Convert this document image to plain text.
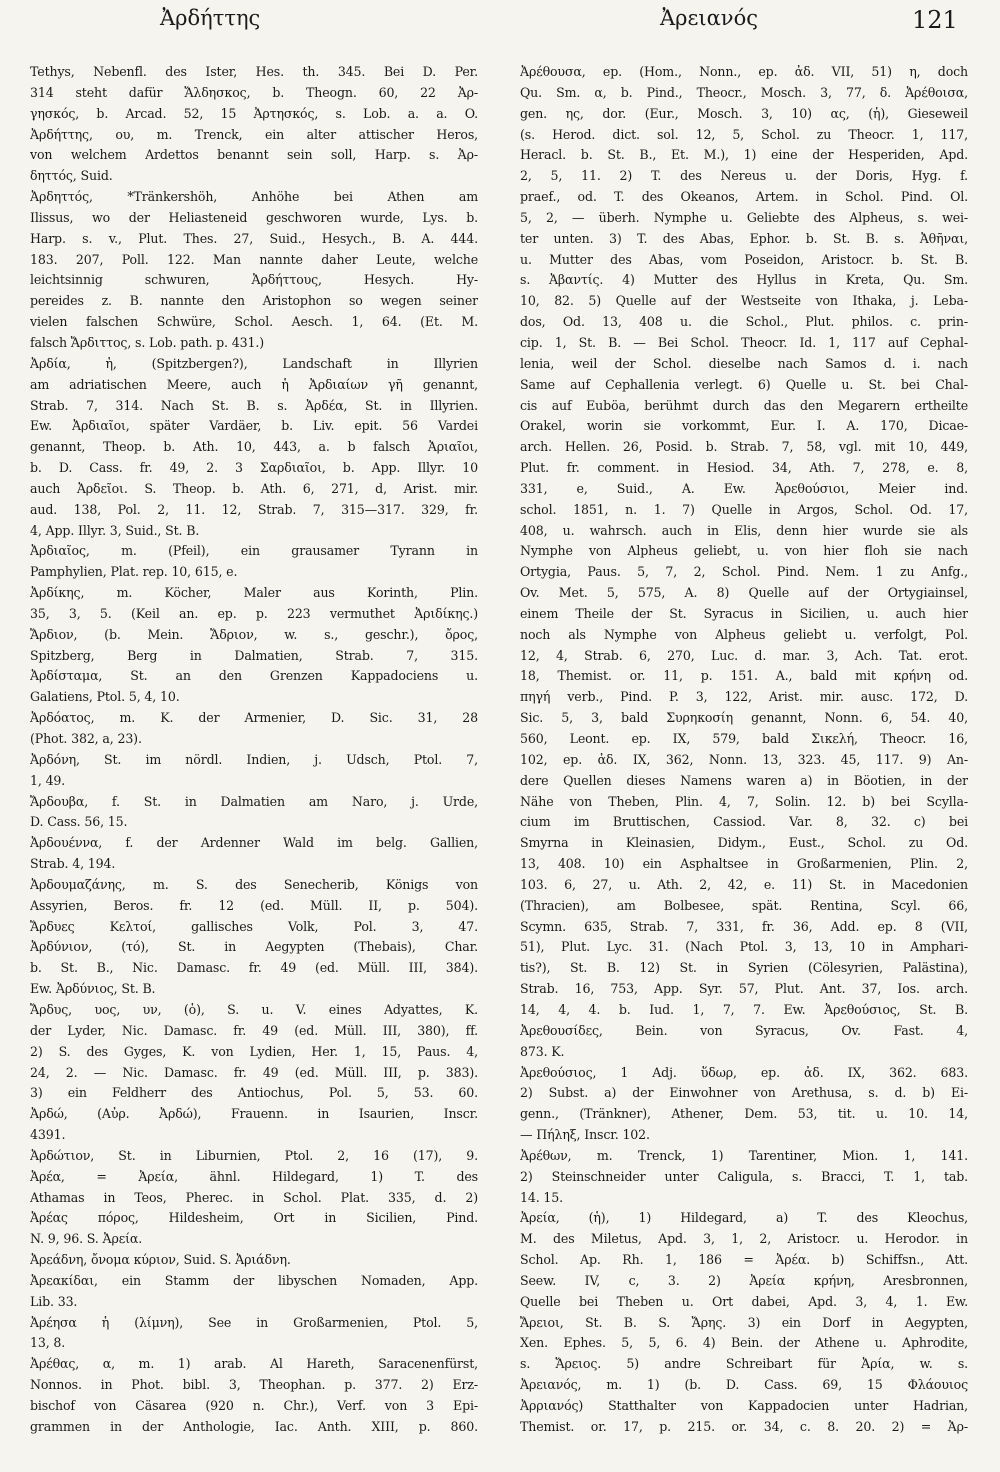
Ἀρδήττης	Ἀρειανός	121
Tethys, Nebenfl. des Ister, Hes. th. 345. Bei D. Per.
314 steht dafür Ἄλδησκος, b. Theogn. 60, 22 Ἀρ-
γησκός, b. Arcad. 52, 15 Ἀρτησκός, s. Lob. a. a. O.
Ἀρδήττης, ου, m. Trenck, ein alter attischer Heros,
von welchem Ardettos benannt sein soll, Harp. s. Ἀρ-
δηττός, Suid.
Ἀρδηττός, *Tränkershöh, Anhöhe bei Athen am
Ilissus, wo der Heliasteneid geschworen wurde, Lys. b.
Harp. s. v., Plut. Thes. 27, Suid., Hesych., B. A. 444.
183. 207, Poll. 122. Man nannte daher Leute, welche
leichtsinnig schwuren, Ἀρδήττους, Hesych. Hy-
pereides z. B. nannte den Aristophon so wegen seiner
vielen falschen Schwüre, Schol. Aesch. 1, 64. (Et. M.
falsch Ἄρδιττος, s. Lob. path. p. 431.)
Ἀρδία, ἡ, (Spitzbergen?), Landschaft in Illyrien
am adriatischen Meere, auch ἡ Ἀρδιαίων γῆ genannt,
Strab. 7, 314. Nach St. B. s. Ἀρδέα, St. in Illyrien.
Ew. Ἀρδιαῖοι, später Vardäer, b. Liv. epit. 56 Vardei
genannt, Theop. b. Ath. 10, 443, a. b falsch Ἀριαῖοι,
b. D. Cass. fr. 49, 2. 3 Σαρδιαῖοι, b. App. Illyr. 10
auch Ἀρδεῖοι. S. Theop. b. Ath. 6, 271, d, Arist. mir.
aud. 138, Pol. 2, 11. 12, Strab. 7, 315—317. 329, fr.
4, App. Illyr. 3, Suid., St. B.
Ἀρδιαῖος, m. (Pfeil), ein grausamer Tyrann in
Pamphylien, Plat. rep. 10, 615, e.
Ἀρδίκης, m. Köcher, Maler aus Korinth, Plin.
35, 3, 5. (Keil an. ep. p. 223 vermuthet Ἀριδίκης.)
Ἄρδιον, (b. Mein. Ἄδριον, w. s., geschr.), ὄρος,
Spitzberg, Berg in Dalmatien, Strab. 7, 315.
Ἀρδίσταμα, St. an den Grenzen Kappadociens u.
Galatiens, Ptol. 5, 4, 10.
Ἀρδόατος, m. K. der Armenier, D. Sic. 31, 28
(Phot. 382, a, 23).
Ἀρδόνη, St. im nördl. Indien, j. Udsch, Ptol. 7,
1, 49.
Ἄρδουβα, f. St. in Dalmatien am Naro, j. Urde,
D. Cass. 56, 15.
Ἀρδουέννα, f. der Ardenner Wald im belg. Gallien,
Strab. 4, 194.
Ἀρδουμαζάνης, m. S. des Senecherib, Königs von
Assyrien, Beros. fr. 12 (ed. Müll. II, p. 504).
Ἄρδυες Κελτοί, gallisches Volk, Pol. 3, 47.
Ἀρδύνιον, (τό), St. in Aegypten (Thebais), Char.
b. St. B., Nic. Damasc. fr. 49 (ed. Müll. III, 384).
Ew. Ἀρδύνιος, St. B.
Ἄρδυς, υος, υν, (ὁ), S. u. V. eines Adyattes, K.
der Lyder, Nic. Damasc. fr. 49 (ed. Müll. III, 380), ff.
2) S. des Gyges, K. von Lydien, Her. 1, 15, Paus. 4,
24, 2. — Nic. Damasc. fr. 49 (ed. Müll. III, p. 383).
3) ein Feldherr des Antiochus, Pol. 5, 53. 60.
Ἀρδώ, (Αὐρ. Ἀρδώ), Frauenn. in Isaurien, Inscr.
4391.
Ἀρδώτιον, St. in Liburnien, Ptol. 2, 16 (17), 9.
Ἀρέα, = Ἀρεία, ähnl. Hildegard, 1) T. des
Athamas in Teos, Pherec. in Schol. Plat. 335, d. 2)
Ἀρέας πόρος, Hildesheim, Ort in Sicilien, Pind.
N. 9, 96. S. Ἀρεία.
Ἀρεάδνη, ὄνομα κύριον, Suid. S. Ἀριάδνη.
Ἀρεακίδαι, ein Stamm der libyschen Nomaden, App.
Lib. 33.
Ἀρέησα ἡ (λίμνη), See in Großarmenien, Ptol. 5,
13, 8.
Ἀρέθας, α, m. 1) arab. Al Hareth, Saracenenfürst,
Nonnos. in Phot. bibl. 3, Theophan. p. 377. 2) Erz-
bischof von Cäsarea (920 n. Chr.), Verf. von 3 Epi-
grammen in der Anthologie, Iac. Anth. XIII, p. 860.
Ἀρέθουσα, ep. (Hom., Nonn., ep. ἀδ. VII, 51) η, doch
Qu. Sm. α, b. Pind., Theocr., Mosch. 3, 77, δ. Ἀρέθοισα,
gen. ης, dor. (Eur., Mosch. 3, 10) ας, (ἡ), Gieseweil
(s. Herod. dict. sol. 12, 5, Schol. zu Theocr. 1, 117,
Heracl. b. St. B., Et. M.), 1) eine der Hesperiden, Apd.
2, 5, 11. 2) T. des Nereus u. der Doris, Hyg. f.
praef., od. T. des Okeanos, Artem. in Schol. Pind. Ol.
5, 2, — überh. Nymphe u. Geliebte des Alpheus, s. wei-
ter unten. 3) T. des Abas, Ephor. b. St. B. s. Ἀθῆναι,
u. Mutter des Abas, vom Poseidon, Aristocr. b. St. B.
s. Ἀβαντίς. 4) Mutter des Hyllus in Kreta, Qu. Sm.
10, 82. 5) Quelle auf der Westseite von Ithaka, j. Leba-
dos, Od. 13, 408 u. die Schol., Plut. philos. c. prin-
cip. 1, St. B. — Bei Schol. Theocr. Id. 1, 117 auf Cephal-
lenia, weil der Schol. dieselbe nach Samos d. i. nach
Same auf Cephallenia verlegt. 6) Quelle u. St. bei Chal-
cis auf Euböa, berühmt durch das den Megarern ertheilte
Orakel, worin sie vorkommt, Eur. I. A. 170, Dicae-
arch. Hellen. 26, Posid. b. Strab. 7, 58, vgl. mit 10, 449,
Plut. fr. comment. in Hesiod. 34, Ath. 7, 278, e. 8,
331, e, Suid., A. Ew. Ἀρεθούσιοι, Meier ind.
schol. 1851, n. 1. 7) Quelle in Argos, Schol. Od. 17,
408, u. wahrsch. auch in Elis, denn hier wurde sie als
Nymphe von Alpheus geliebt, u. von hier floh sie nach
Ortygia, Paus. 5, 7, 2, Schol. Pind. Nem. 1 zu Anfg.,
Ov. Met. 5, 575, A. 8) Quelle auf der Ortygiainsel,
einem Theile der St. Syracus in Sicilien, u. auch hier
noch als Nymphe von Alpheus geliebt u. verfolgt, Pol.
12, 4, Strab. 6, 270, Luc. d. mar. 3, Ach. Tat. erot.
18, Themist. or. 11, p. 151. A., bald mit κρήνη od.
πηγή verb., Pind. P. 3, 122, Arist. mir. ausc. 172, D.
Sic. 5, 3, bald Συρηκοσίη genannt, Nonn. 6, 54. 40,
560, Leont. ep. IX, 579, bald Σικελή, Theocr. 16,
102, ep. ἀδ. IX, 362, Nonn. 13, 323. 45, 117. 9) An-
dere Quellen dieses Namens waren a) in Böotien, in der
Nähe von Theben, Plin. 4, 7, Solin. 12. b) bei Scylla-
cium im Bruttischen, Cassiod. Var. 8, 32. c) bei
Smyrna in Kleinasien, Didym., Eust., Schol. zu Od.
13, 408. 10) ein Asphaltsee in Großarmenien, Plin. 2,
103. 6, 27, u. Ath. 2, 42, e. 11) St. in Macedonien
(Thracien), am Bolbesee, spät. Rentina, Scyl. 66,
Scymn. 635, Strab. 7, 331, fr. 36, Add. ep. 8 (VII,
51), Plut. Lyc. 31. (Nach Ptol. 3, 13, 10 in Amphari-
tis?), St. B. 12) St. in Syrien (Cölesyrien, Palästina),
Strab. 16, 753, App. Syr. 57, Plut. Ant. 37, Ios. arch.
14, 4, 4. b. Iud. 1, 7, 7. Ew. Ἀρεθούσιος, St. B.
Ἀρεθουσίδες, Bein. von Syracus, Ov. Fast. 4,
873. K.
Ἀρεθούσιος, 1 Adj. ὕδωρ, ep. ἀδ. IX, 362. 683.
2) Subst. a) der Einwohner von Arethusa, s. d. b) Ei-
genn., (Tränkner), Athener, Dem. 53, tit. u. 10. 14,
— Πήληξ, Inscr. 102.
Ἀρέθων, m. Trenck, 1) Tarentiner, Mion. 1, 141.
2) Steinschneider unter Caligula, s. Bracci, T. 1, tab.
14. 15.
Ἀρεία, (ἡ), 1) Hildegard, a) T. des Kleochus,
M. des Miletus, Apd. 3, 1, 2, Aristocr. u. Herodor. in
Schol. Ap. Rh. 1, 186 = Ἀρέα. b) Schiffsn., Att.
Seew. IV, c, 3. 2) Ἀρεία κρήνη, Aresbronnen,
Quelle bei Theben u. Ort dabei, Apd. 3, 4, 1. Ew.
Ἄρειοι, St. B. S. Ἄρης. 3) ein Dorf in Aegypten,
Xen. Ephes. 5, 5, 6. 4) Bein. der Athene u. Aphrodite,
s. Ἄρειος. 5) andre Schreibart für Ἀρία, w. s.
Ἀρειανός, m. 1) (b. D. Cass. 69, 15 Φλάουιος
Ἀρριανός) Statthalter von Kappadocien unter Hadrian,
Themist. or. 17, p. 215. or. 34, c. 8. 20. 2) = Ἀρ-
